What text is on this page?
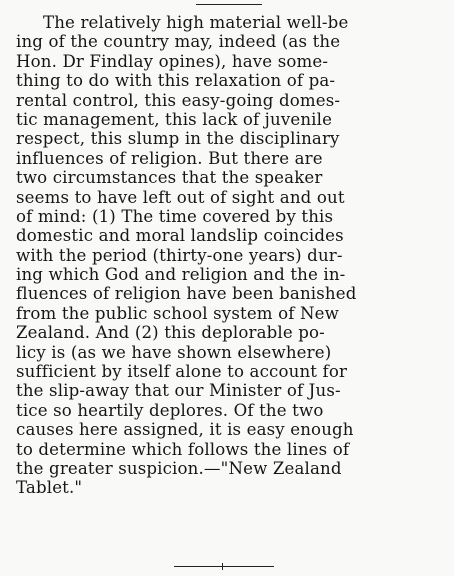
The relatively high material well-be
ing of the country may, indeed (as the
Hon. Dr Findlay opines), have some-
thing to do with this relaxation of pa-
rental control, this easy-going domes-
tic management, this lack of juvenile
respect, this slump in the disciplinary
influences of religion. But there are
two circumstances that the speaker
seems to have left out of sight and out
of mind: (1) The time covered by this
domestic and moral landslip coincides
with the period (thirty-one years) dur-
ing which God and religion and the in-
fluences of religion have been banished
from the public school system of New
Zealand. And (2) this deplorable po-
licy is (as we have shown elsewhere)
sufficient by itself alone to account for
the slip-away that our Minister of Jus-
tice so heartily deplores. Of the two
causes here assigned, it is easy enough
to determine which follows the lines of
the greater suspicion.—"New Zealand
Tablet."
